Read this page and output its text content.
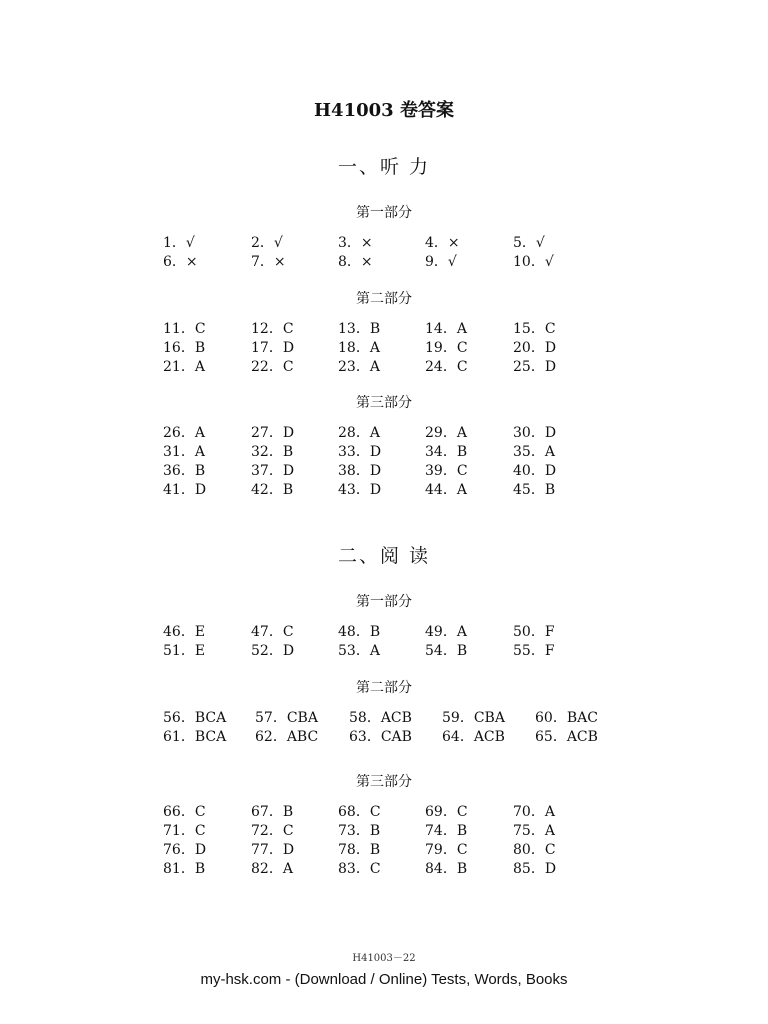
H41003 卷答案
一、听 力
第一部分
1．√	2．√	3．×	4．×	5．√
6．×	7．×	8．×	9．√	10．√
第二部分
11．C	12．C	13．B	14．A	15．C
16．B	17．D	18．A	19．C	20．D
21．A	22．C	23．A	24．C	25．D
第三部分
26．A	27．D	28．A	29．A	30．D
31．A	32．B	33．D	34．B	35．A
36．B	37．D	38．D	39．C	40．D
41．D	42．B	43．D	44．A	45．B
二、阅 读
第一部分
46．E	47．C	48．B	49．A	50．F
51．E	52．D	53．A	54．B	55．F
第二部分
56．BCA 57．CBA 58．ACB 59．CBA 60．BAC
61．BCA 62．ABC 63．CAB 64．ACB 65．ACB
第三部分
66．C	67．B	68．C	69．C	70．A
71．C	72．C	73．B	74．B	75．A
76．D	77．D	78．B	79．C	80．C
81．B	82．A	83．C	84．B	85．D
H41003－22
my-hsk.com - (Download / Online) Tests, Words, Books
